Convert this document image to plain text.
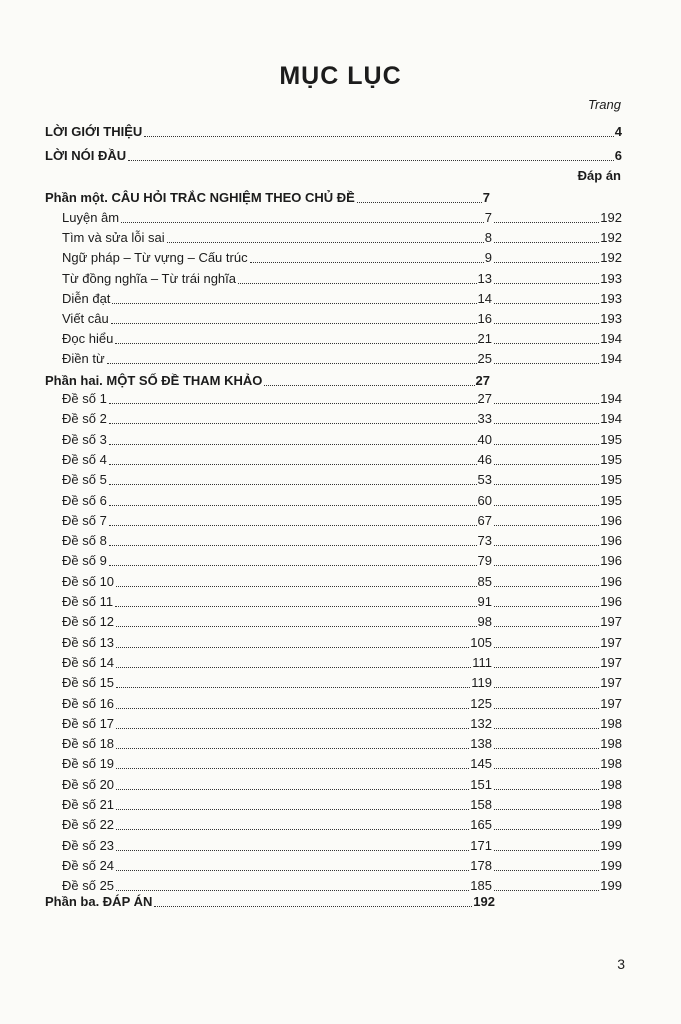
MỤC LỤC
Trang
Đáp án
LỜI GIỚI THIỆU	4
LỜI NÓI ĐẦU	6
Phần một. CÂU HỎI TRẮC NGHIỆM THEO CHỦ ĐỀ	7
Luyện âm	7	192
Tìm và sửa lỗi sai	8	192
Ngữ pháp – Từ vựng – Cấu trúc	9	192
Từ đồng nghĩa – Từ trái nghĩa	13	193
Diễn đạt	14	193
Viết câu	16	193
Đọc hiểu	21	194
Điền từ	25	194
Phần hai. MỘT SỐ ĐỀ THAM KHẢO	27
Đề số 1	27	194
Đề số 2	33	194
Đề số 3	40	195
Đề số 4	46	195
Đề số 5	53	195
Đề số 6	60	195
Đề số 7	67	196
Đề số 8	73	196
Đề số 9	79	196
Đề số 10	85	196
Đề số 11	91	196
Đề số 12	98	197
Đề số 13	105	197
Đề số 14	111	197
Đề số 15	119	197
Đề số 16	125	197
Đề số 17	132	198
Đề số 18	138	198
Đề số 19	145	198
Đề số 20	151	198
Đề số 21	158	198
Đề số 22	165	199
Đề số 23	171	199
Đề số 24	178	199
Đề số 25	185	199
Phần ba. ĐÁP ÁN	192
3
